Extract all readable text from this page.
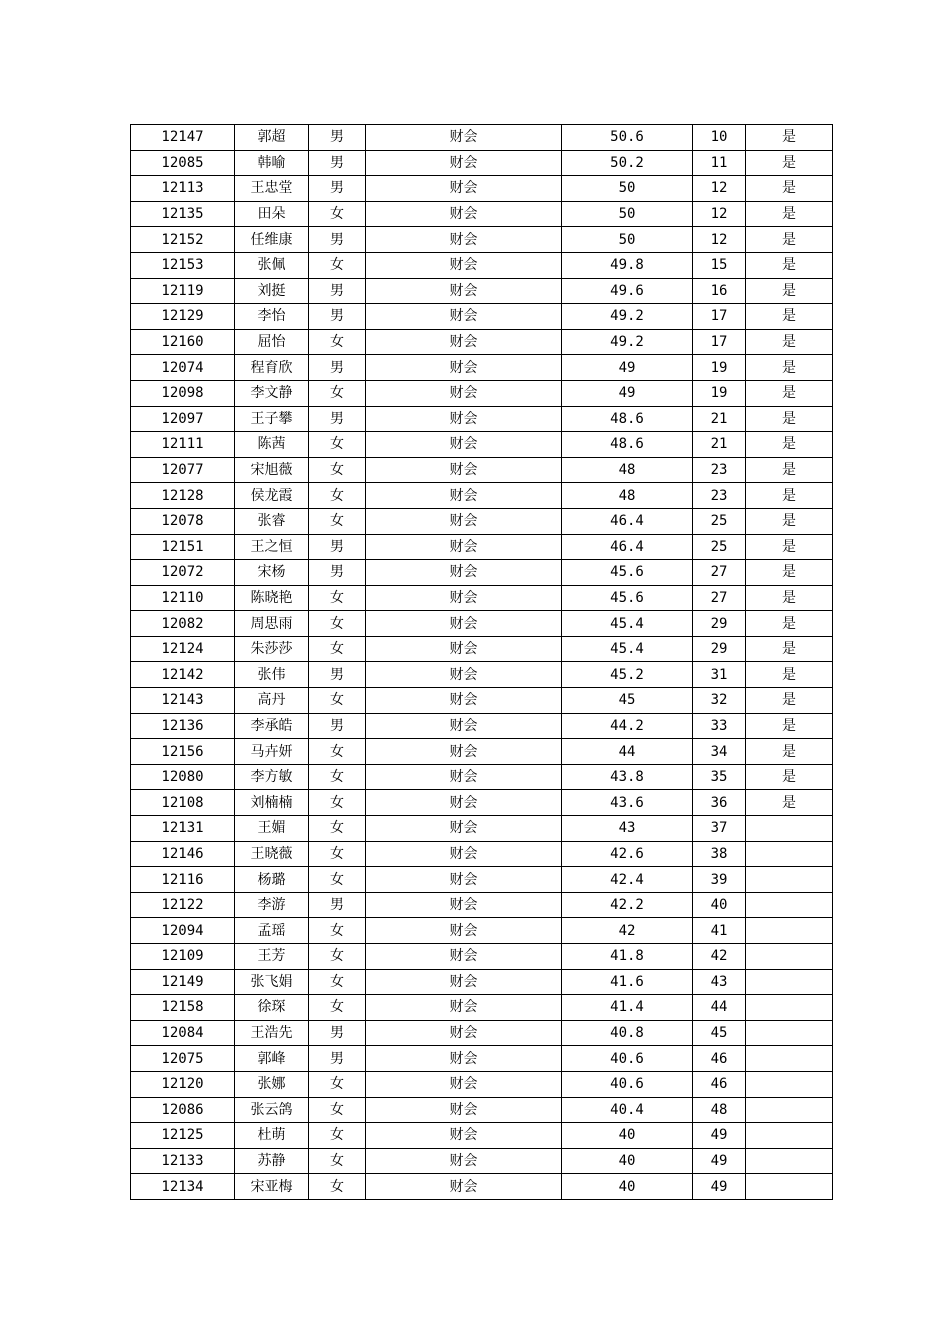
12147	郭超	男	财会	50.6	10	是
12085	韩喻	男	财会	50.2	11	是
12113	王忠堂	男	财会	50	12	是
12135	田朵	女	财会	50	12	是
12152	任维康	男	财会	50	12	是
12153	张佩	女	财会	49.8	15	是
12119	刘挺	男	财会	49.6	16	是
12129	李怡	男	财会	49.2	17	是
12160	屈怡	女	财会	49.2	17	是
12074	程育欣	男	财会	49	19	是
12098	李文静	女	财会	49	19	是
12097	王子攀	男	财会	48.6	21	是
12111	陈茜	女	财会	48.6	21	是
12077	宋旭薇	女	财会	48	23	是
12128	侯龙霞	女	财会	48	23	是
12078	张睿	女	财会	46.4	25	是
12151	王之恒	男	财会	46.4	25	是
12072	宋杨	男	财会	45.6	27	是
12110	陈晓艳	女	财会	45.6	27	是
12082	周思雨	女	财会	45.4	29	是
12124	朱莎莎	女	财会	45.4	29	是
12142	张伟	男	财会	45.2	31	是
12143	高丹	女	财会	45	32	是
12136	李承皓	男	财会	44.2	33	是
12156	马卉妍	女	财会	44	34	是
12080	李方敏	女	财会	43.8	35	是
12108	刘楠楠	女	财会	43.6	36	是
12131	王媚	女	财会	43	37	
12146	王晓薇	女	财会	42.6	38	
12116	杨璐	女	财会	42.4	39	
12122	李游	男	财会	42.2	40	
12094	孟瑶	女	财会	42	41	
12109	王芳	女	财会	41.8	42	
12149	张飞娟	女	财会	41.6	43	
12158	徐琛	女	财会	41.4	44	
12084	王浩先	男	财会	40.8	45	
12075	郭峰	男	财会	40.6	46	
12120	张娜	女	财会	40.6	46	
12086	张云鸽	女	财会	40.4	48	
12125	杜萌	女	财会	40	49	
12133	苏静	女	财会	40	49	
12134	宋亚梅	女	财会	40	49	
